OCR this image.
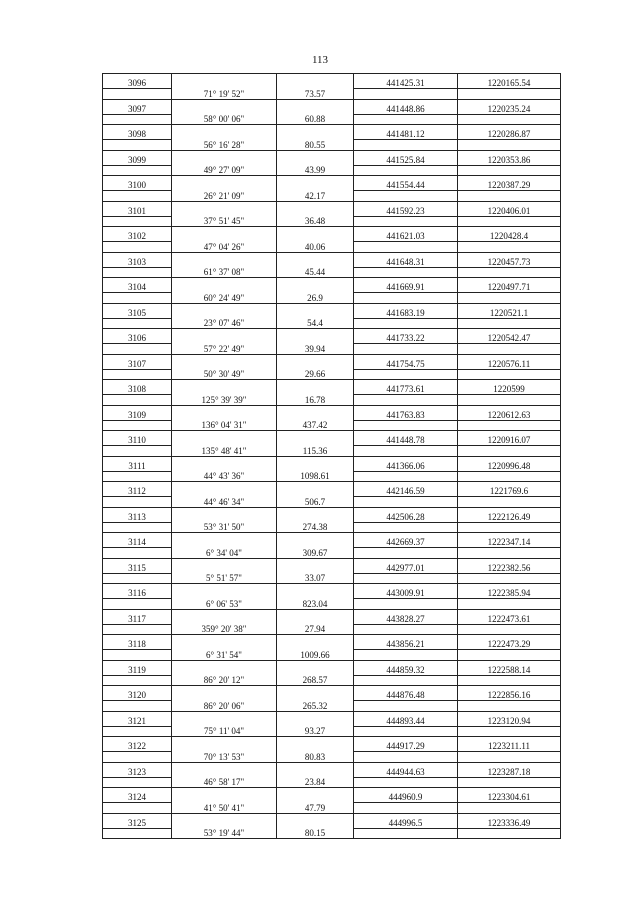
113
3096			441425.31	1220165.54
	71° 19' 52"	73.57		
3097			441448.86	1220235.24
	58° 00' 06"	60.88		
3098			441481.12	1220286.87
	56° 16' 28"	80.55		
3099			441525.84	1220353.86
	49° 27' 09"	43.99		
3100			441554.44	1220387.29
	26° 21' 09"	42.17		
3101			441592.23	1220406.01
	37° 51' 45"	36.48		
3102			441621.03	1220428.4
	47° 04' 26"	40.06		
3103			441648.31	1220457.73
	61° 37' 08"	45.44		
3104			441669.91	1220497.71
	60° 24' 49"	26.9		
3105			441683.19	1220521.1
	23° 07' 46"	54.4		
3106			441733.22	1220542.47
	57° 22' 49"	39.94		
3107			441754.75	1220576.11
	50° 30' 49"	29.66		
3108			441773.61	1220599
	125° 39' 39"	16.78		
3109			441763.83	1220612.63
	136° 04' 31"	437.42		
3110			441448.78	1220916.07
	135° 48' 41"	115.36		
3111			441366.06	1220996.48
	44° 43' 36"	1098.61		
3112			442146.59	1221769.6
	44° 46' 34"	506.7		
3113			442506.28	1222126.49
	53° 31' 50"	274.38		
3114			442669.37	1222347.14
	6° 34' 04"	309.67		
3115			442977.01	1222382.56
	5° 51' 57"	33.07		
3116			443009.91	1222385.94
	6° 06' 53"	823.04		
3117			443828.27	1222473.61
	359° 20' 38"	27.94		
3118			443856.21	1222473.29
	6° 31' 54"	1009.66		
3119			444859.32	1222588.14
	86° 20' 12"	268.57		
3120			444876.48	1222856.16
	86° 20' 06"	265.32		
3121			444893.44	1223120.94
	75° 11' 04"	93.27		
3122			444917.29	1223211.11
	70° 13' 53"	80.83		
3123			444944.63	1223287.18
	46° 58' 17"	23.84		
3124			444960.9	1223304.61
	41° 50' 41"	47.79		
3125			444996.5	1223336.49
	53° 19' 44"	80.15		
